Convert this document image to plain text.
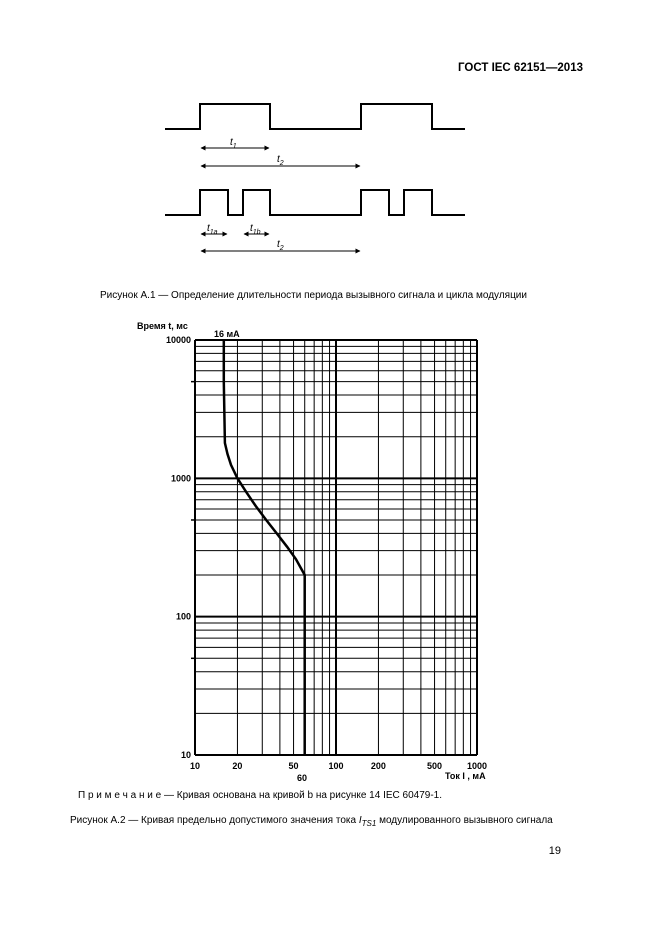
ГОСТ IEC 62151—2013
$t_1$
$t_2$
$t_{1a}$	$t_{1b}$
$t_2$
Рисунок А.1 — Определение длительности периода вызывного сигнала и цикла модуляции
10	20	50	100	200	500	1000
10
100
1000
10000
Время t, мс
16 мА
60	Ток I , мА
П р и м е ч а н и е — Кривая основана на кривой b на рисунке 14 IEC 60479-1.
Рисунок А.2 — Кривая предельно допустимого значения тока $I_{TS1}$ модулированного вызывного сигнала
19
